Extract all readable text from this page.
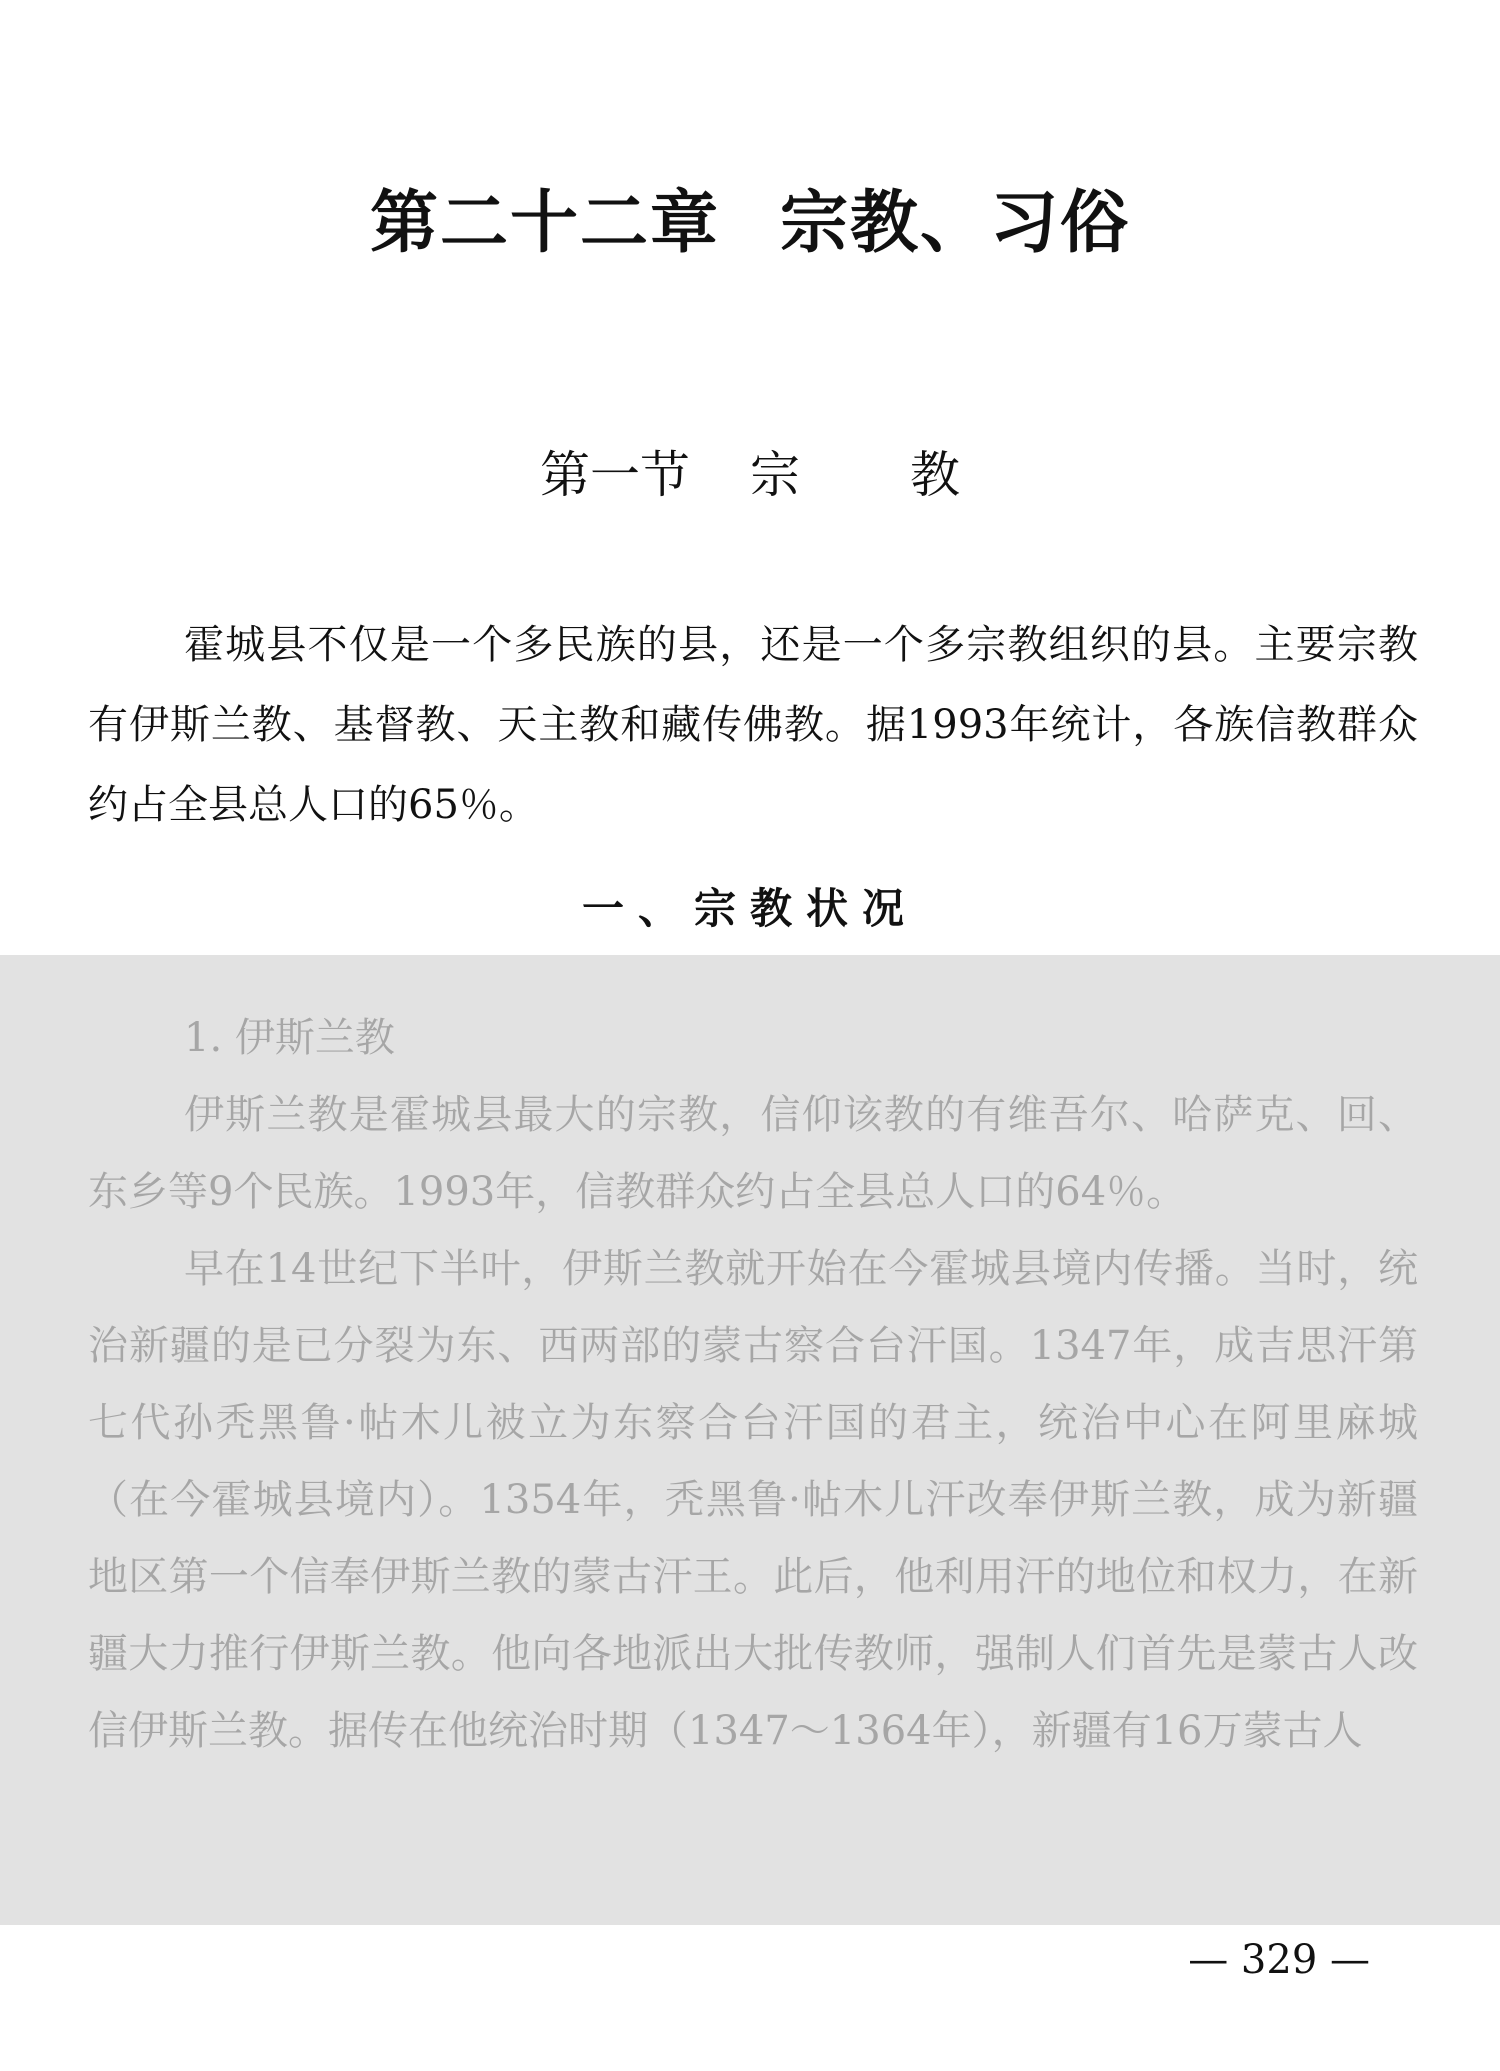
第二十二章 宗教、习俗
第一节 宗 教

霍城县不仅是一个多民族的县，还是一个多宗教组织的县。主要宗教有伊斯兰教、基督教、天主教和藏传佛教。据1993年统计，各族信教群众约占全县总人口的65％。

一、宗教状况

1. 伊斯兰教

伊斯兰教是霍城县最大的宗教，信仰该教的有维吾尔、哈萨克、回、东乡等9个民族。1993年，信教群众约占全县总人口的64％。

早在14世纪下半叶，伊斯兰教就开始在今霍城县境内传播。当时，统治新疆的是已分裂为东、西两部的蒙古察合台汗国。1347年，成吉思汗第七代孙秃黑鲁·帖木儿被立为东察合台汗国的君主，统治中心在阿里麻城（在今霍城县境内）。1354年，秃黑鲁·帖木儿汗改奉伊斯兰教，成为新疆地区第一个信奉伊斯兰教的蒙古汗王。此后，他利用汗的地位和权力，在新疆大力推行伊斯兰教。他向各地派出大批传教师，强制人们首先是蒙古人改信伊斯兰教。据传在他统治时期（1347～1364年），新疆有16万蒙古人

— 329 —
